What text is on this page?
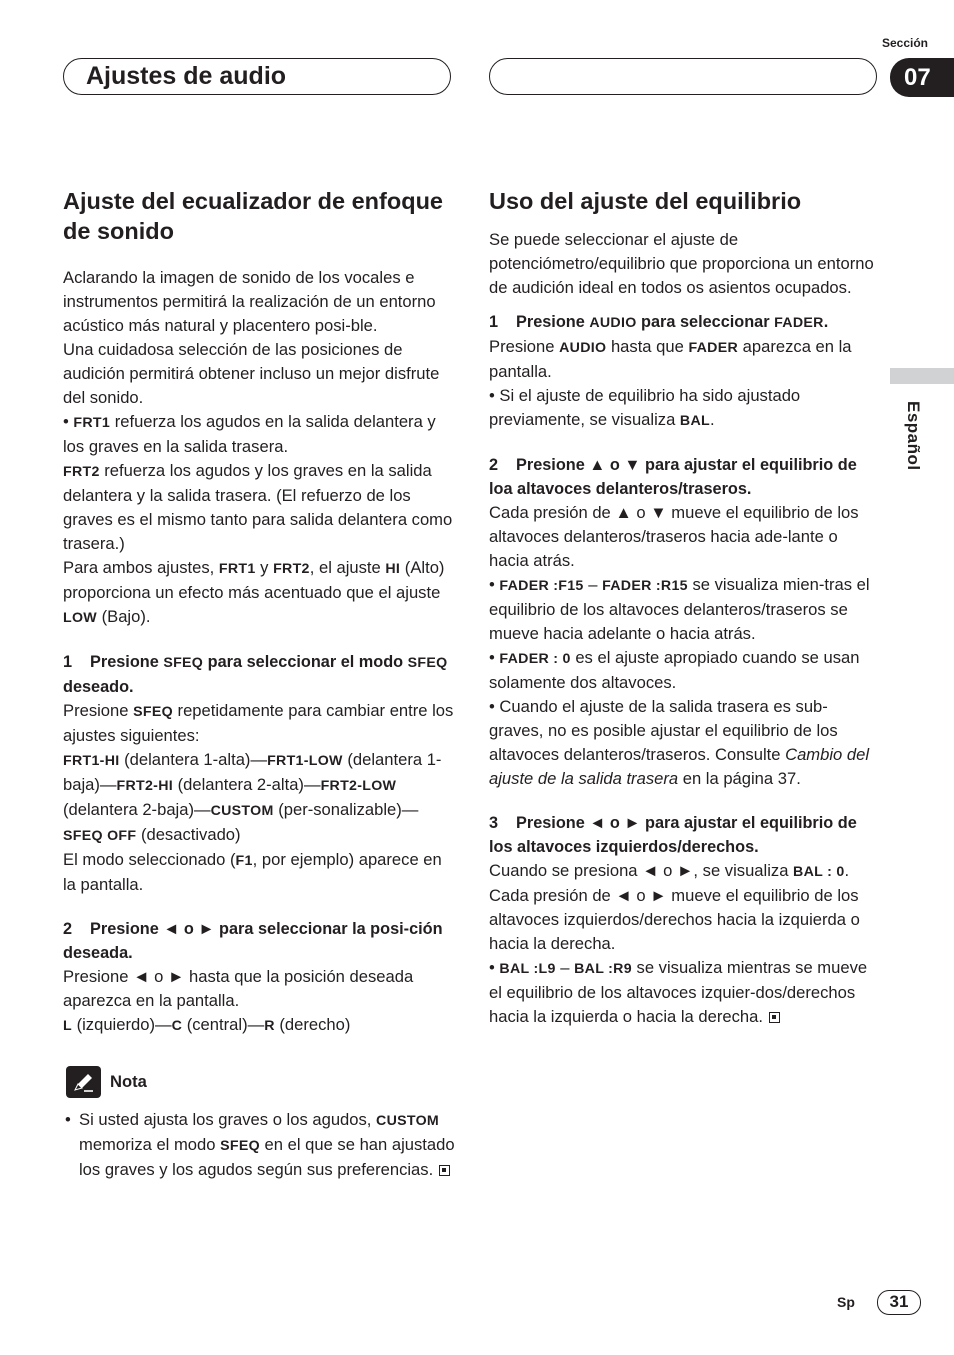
Ajustes de audio
Sección
07
Español
Ajuste del ecualizador de enfoque de sonido

Aclarando la imagen de sonido de los vocales e instrumentos permitirá la realización de un entorno acústico más natural y placentero posi-ble.

Una cuidadosa selección de las posiciones de audición permitirá obtener incluso un mejor disfrute del sonido.

• FRT1 refuerza los agudos en la salida delantera y los graves en la salida trasera.

FRT2 refuerza los agudos y los graves en la salida delantera y la salida trasera. (El refuerzo de los graves es el mismo tanto para salida delantera como trasera.)

Para ambos ajustes, FRT1 y FRT2, el ajuste HI (Alto) proporciona un efecto más acentuado que el ajuste LOW (Bajo).

1 Presione SFEQ para seleccionar el modo SFEQ deseado.

Presione SFEQ repetidamente para cambiar entre los ajustes siguientes:

FRT1-HI (delantera 1-alta)—FRT1-LOW (delantera 1-baja)—FRT2-HI (delantera 2-alta)—FRT2-LOW (delantera 2-baja)—CUSTOM (per-sonalizable)—SFEQ OFF (desactivado)

El modo seleccionado (F1, por ejemplo) aparece en la pantalla.

2 Presione ◄ o ► para seleccionar la posi-ción deseada.

Presione ◄ o ► hasta que la posición deseada aparezca en la pantalla.

L (izquierdo)—C (central)—R (derecho)

Nota

• Si usted ajusta los graves o los agudos, CUSTOM memoriza el modo SFEQ en el que se han ajustado los graves y los agudos según sus preferencias.

Uso del ajuste del equilibrio

Se puede seleccionar el ajuste de potenciómetro/equilibrio que proporciona un entorno de audición ideal en todos os asientos ocupados.

1 Presione AUDIO para seleccionar FADER.

Presione AUDIO hasta que FADER aparezca en la pantalla.

• Si el ajuste de equilibrio ha sido ajustado previamente, se visualiza BAL.

2 Presione ▲ o ▼ para ajustar el equilibrio de loa altavoces delanteros/traseros.

Cada presión de ▲ o ▼ mueve el equilibrio de los altavoces delanteros/traseros hacia ade-lante o hacia atrás.

• FADER :F15 – FADER :R15 se visualiza mien-tras el equilibrio de los altavoces delanteros/traseros se mueve hacia adelante o hacia atrás.

• FADER : 0 es el ajuste apropiado cuando se usan solamente dos altavoces.

• Cuando el ajuste de la salida trasera es sub-graves, no es posible ajustar el equilibrio de los altavoces delanteros/traseros. Consulte Cambio del ajuste de la salida trasera en la página 37.

3 Presione ◄ o ► para ajustar el equilibrio de los altavoces izquierdos/derechos.

Cuando se presiona ◄ o ►, se visualiza BAL : 0.

Cada presión de ◄ o ► mueve el equilibrio de los altavoces izquierdos/derechos hacia la izquierda o hacia la derecha.

• BAL :L9 – BAL :R9 se visualiza mientras se mueve el equilibrio de los altavoces izquier-dos/derechos hacia la izquierda o hacia la derecha.

Sp	31
